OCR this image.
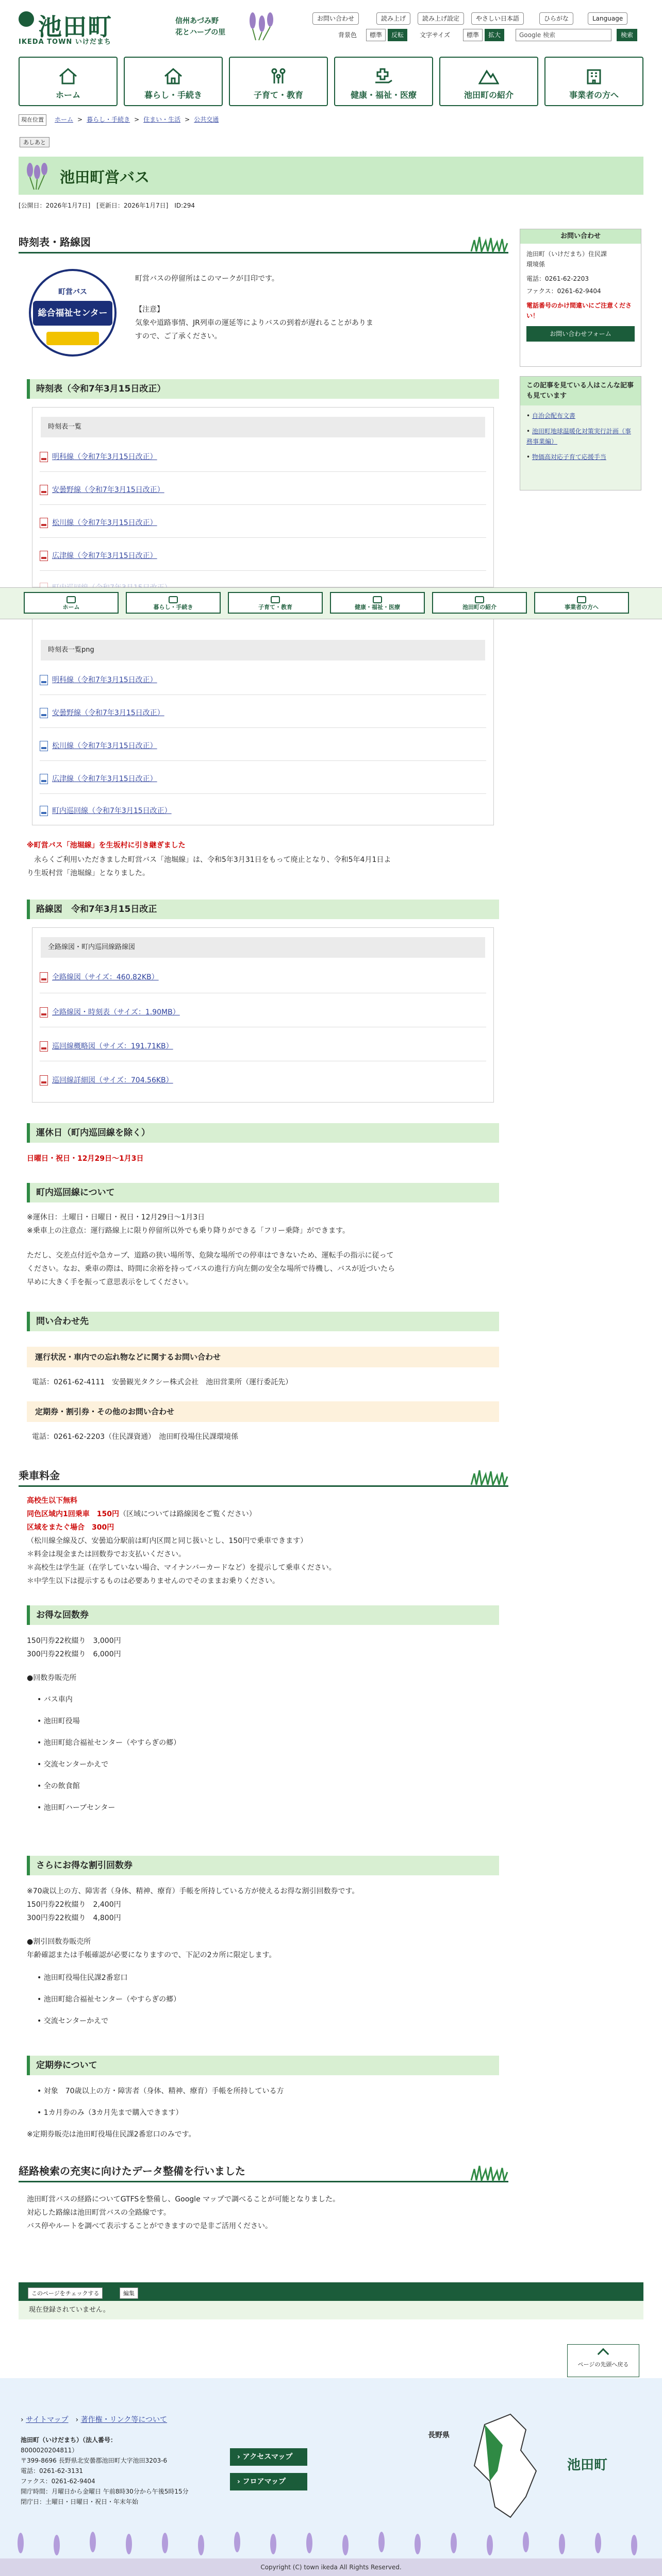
池田町
IKEDA TOWN いけだまち
信州あづみ野
花とハーブの里
お問い合わせ	読み上げ	読み上げ設定	やさしい日本語	ひらがな	Language
背景色	標準	反転	文字サイズ	標準	拡大	Google 検索	検索
ホーム	暮らし・手続き	子育て・教育	健康・福祉・医療	池田町の紹介	事業者の方へ
現在位置 ホーム > 暮らし・手続き > 住まい・生活 > 公共交通
あしあと
池田町営バス
[公開日：2026年1月7日]　[更新日：2026年1月7日]　ID:294
時刻表・路線図
町営バス
総合福祉センター
町営バスの停留所はこのマークが目印です。
【注意】
気象や道路事情、JR列車の運延等によりバスの到着が遅れることがありま
すので、ご了承ください。
時刻表（令和7年3月15日改正）
時刻表一覧
明科線（令和7年3月15日改正）
安曇野線（令和7年3月15日改正）
松川線（令和7年3月15日改正）
広津線（令和7年3月15日改正）
ホーム	暮らし・手続き	子育て・教育	健康・福祉・医療	池田町の紹介	事業者の方へ
時刻表一覧png
明科線（令和7年3月15日改正）
安曇野線（令和7年3月15日改正）
松川線（令和7年3月15日改正）
広津線（令和7年3月15日改正）
町内巡回線（令和7年3月15日改正）
※町営バス「池堀線」を生坂村に引き継ぎました
　永らくご利用いただきました町営バス「池堀線」は、令和5年3月31日をもって廃止となり、令和5年4月1日よ
り生坂村営「池堀線」となりました。
路線図　令和7年3月15日改正
全路線図・町内巡回線路線図
全路線図（サイズ：460.82KB）
全路線図・時刻表（サイズ：1.90MB）
巡回線概略図（サイズ：191.71KB）
巡回線詳細図（サイズ：704.56KB）
運休日（町内巡回線を除く）
日曜日・祝日・12月29日～1月3日
町内巡回線について
※運休日：土曜日・日曜日・祝日・12月29日～1月3日
※乗車上の注意点：運行路線上に限り停留所以外でも乗り降りができる「フリー乗降」ができます。
ただし、交差点付近や急カーブ、道路の狭い場所等、危険な場所での停車はできないため、運転手の指示に従って
ください。なお、乗車の際は、時間に余裕を持ってバスの進行方向左側の安全な場所で待機し、バスが近づいたら
早めに大きく手を振って意思表示をしてください。
問い合わせ先
運行状況・車内での忘れ物などに関するお問い合わせ
電話：0261-62-4111　安曇観光タクシー株式会社　池田営業所（運行委託先）
定期券・割引券・その他のお問い合わせ
電話：0261-62-2203（住民課資通）　池田町役場住民課環境係
乗車料金
高校生以下無料
同色区域内1回乗車　150円（区域については路線図をご覧ください）
区域をまたぐ場合　300円
（松川線全線及び、安曇追分駅前は町内区間と同じ扱いとし、150円で乗車できます）
＊料金は現金または回数券でお支払いください。
＊高校生は学生証（在学していない場合、マイナンバーカードなど）を提示して乗車ください。
＊中学生以下は提示するものは必要ありませんのでそのままお乗りください。
お得な回数券
150円券22枚綴り　3,000円
300円券22枚綴り　6,000円
●回数券販売所
• バス車内
• 池田町役場
• 池田町総合福祉センター（やすらぎの郷）
• 交流センターかえで
• 全の飲食館
• 池田町ハーブセンター
さらにお得な割引回数券
※70歳以上の方、障害者（身体、精神、療育）手帳を所持している方が使えるお得な割引回数券です。
150円券22枚綴り　2,400円
300円券22枚綴り　4,800円
●割引回数券販売所
年齢確認または手帳確認が必要になりますので、下記の2カ所に限定します。
• 池田町役場住民課2番窓口
• 池田町総合福祉センター（やすらぎの郷）
• 交流センターかえで
定期券について
• 対象　70歳以上の方・障害者（身体、精神、療育）手帳を所持している方
• 1カ月券のみ（3カ月先まで購入できます）
※定期券販売は池田町役場住民課2番窓口のみです。
経路検索の充実に向けたデータ整備を行いました
池田町営バスの経路についてGTFSを整備し、Google マップで調べることが可能となりました。
対応した路線は池田町営バスの全路線です。
バス停やルートを調べて表示することができますので是非ご活用ください。
このページをチェックする	編集
現在登録されていません。
ページの先頭へ戻る
お問い合わせ
池田町（いけだまち）住民課
環境係
電話：0261-62-2203
ファクス：0261-62-9404
電話番号のかけ間違いにご注意ください！
お問い合わせフォーム
この記事を見ている人はこんな記事も見ています
• 自治会配布文書
• 池田町地球温暖化対策実行計画（事務事業編）
• 物価高対応子育て応援手当
› サイトマップ　› 著作権・リンク等について
池田町（いけだまち）（法人番号：
8000020204811）
〒399-8696 長野県北安曇郡池田町大字池田3203-6
電話：0261-62-3131
ファクス：0261-62-9404
開庁時間：月曜日から金曜日 午前8時30分から午後5時15分
閉庁日：土曜日・日曜日・祝日・年末年始
› アクセスマップ
› フロアマップ
長野県
池田町
Copyright (C) town ikeda All Rights Reserved.
